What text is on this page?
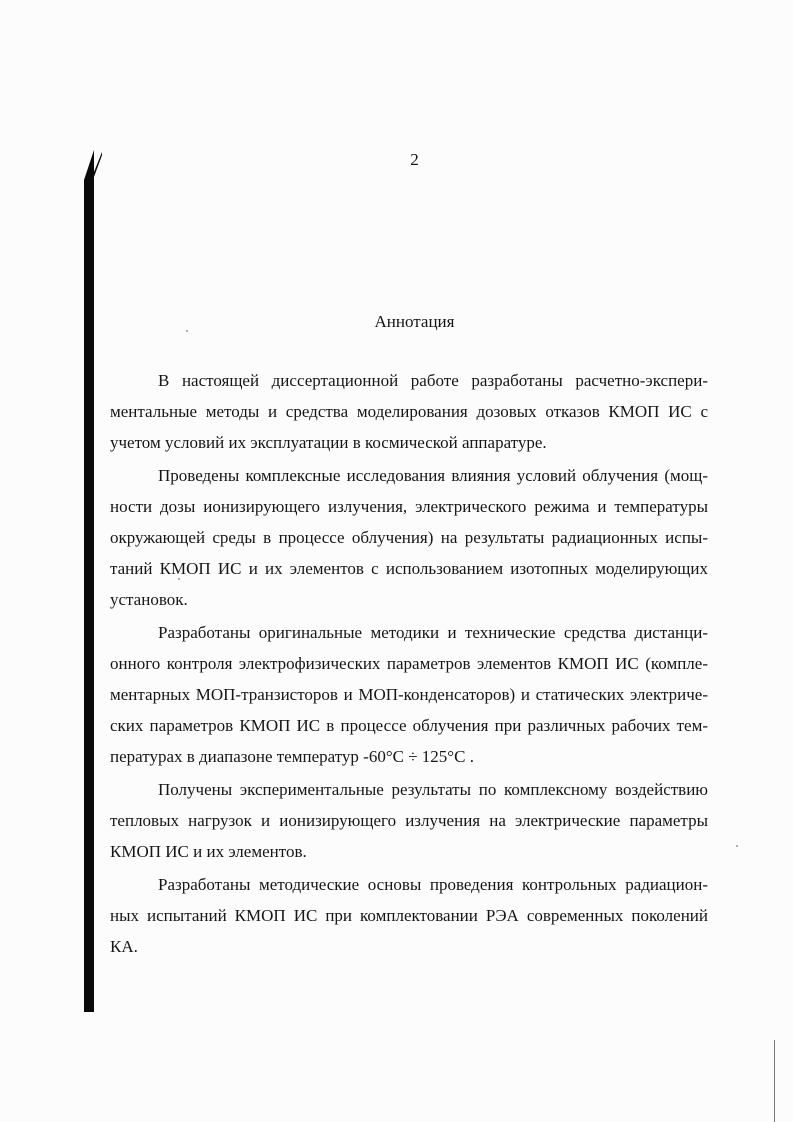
2
Аннотация
В настоящей диссертационной работе разработаны расчетно-экспери-
ментальные методы и средства моделирования дозовых отказов КМОП ИС с
учетом условий их эксплуатации в космической аппаратуре.
Проведены комплексные исследования влияния условий облучения (мощ-
ности дозы ионизирующего излучения, электрического режима и температуры
окружающей среды в процессе облучения) на результаты радиационных испы-
таний КМОП ИС и их элементов с использованием изотопных моделирующих
установок.
Разработаны оригинальные методики и технические средства дистанци-
онного контроля электрофизических параметров элементов КМОП ИС (компле-
ментарных МОП-транзисторов и МОП-конденсаторов) и статических электриче-
ских параметров КМОП ИС в процессе облучения при различных рабочих тем-
пературах в диапазоне температур -60°С ÷ 125°С .
Получены экспериментальные результаты по комплексному воздействию
тепловых нагрузок и ионизирующего излучения на электрические параметры
КМОП ИС и их элементов.
Разработаны методические основы проведения контрольных радиацион-
ных испытаний КМОП ИС при комплектовании РЭА современных поколений
КА.
